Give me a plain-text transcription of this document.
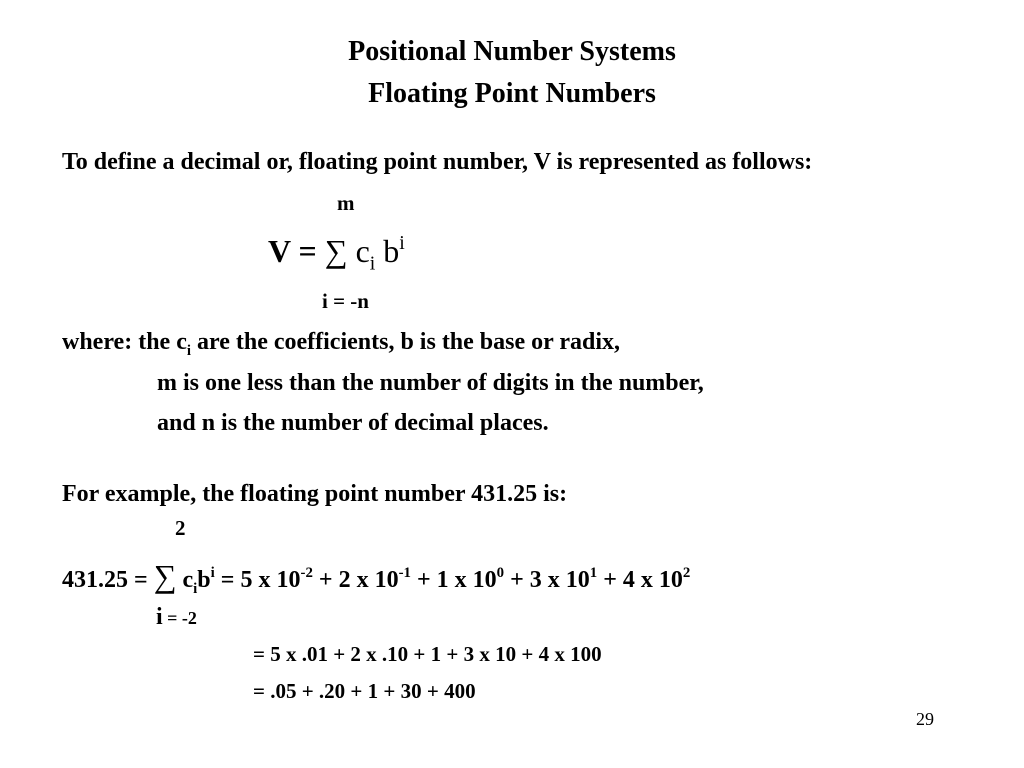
Positional Number Systems
Floating Point Numbers
To define a decimal or, floating point number, V is represented as follows:
m
V = ∑ $c_i$ $b^i$
i = -n
where: the $c_i$ are the coefficients, b is the base or radix,
m is one less than the number of digits in the number,
and n is the number of decimal places.
For example, the floating point number 431.25 is:
2
431.25 = ∑ $c_ib^i = 5$ x $10^{-2} + 2$ x $10^{-1} + 1$ x $10^0 + 3$ x $10^1 + 4$ x $10^2$
i = -2
= 5 x .01 + 2 x .10 + 1 + 3 x 10 + 4 x 100
= .05 + .20 + 1 + 30 + 400
29
